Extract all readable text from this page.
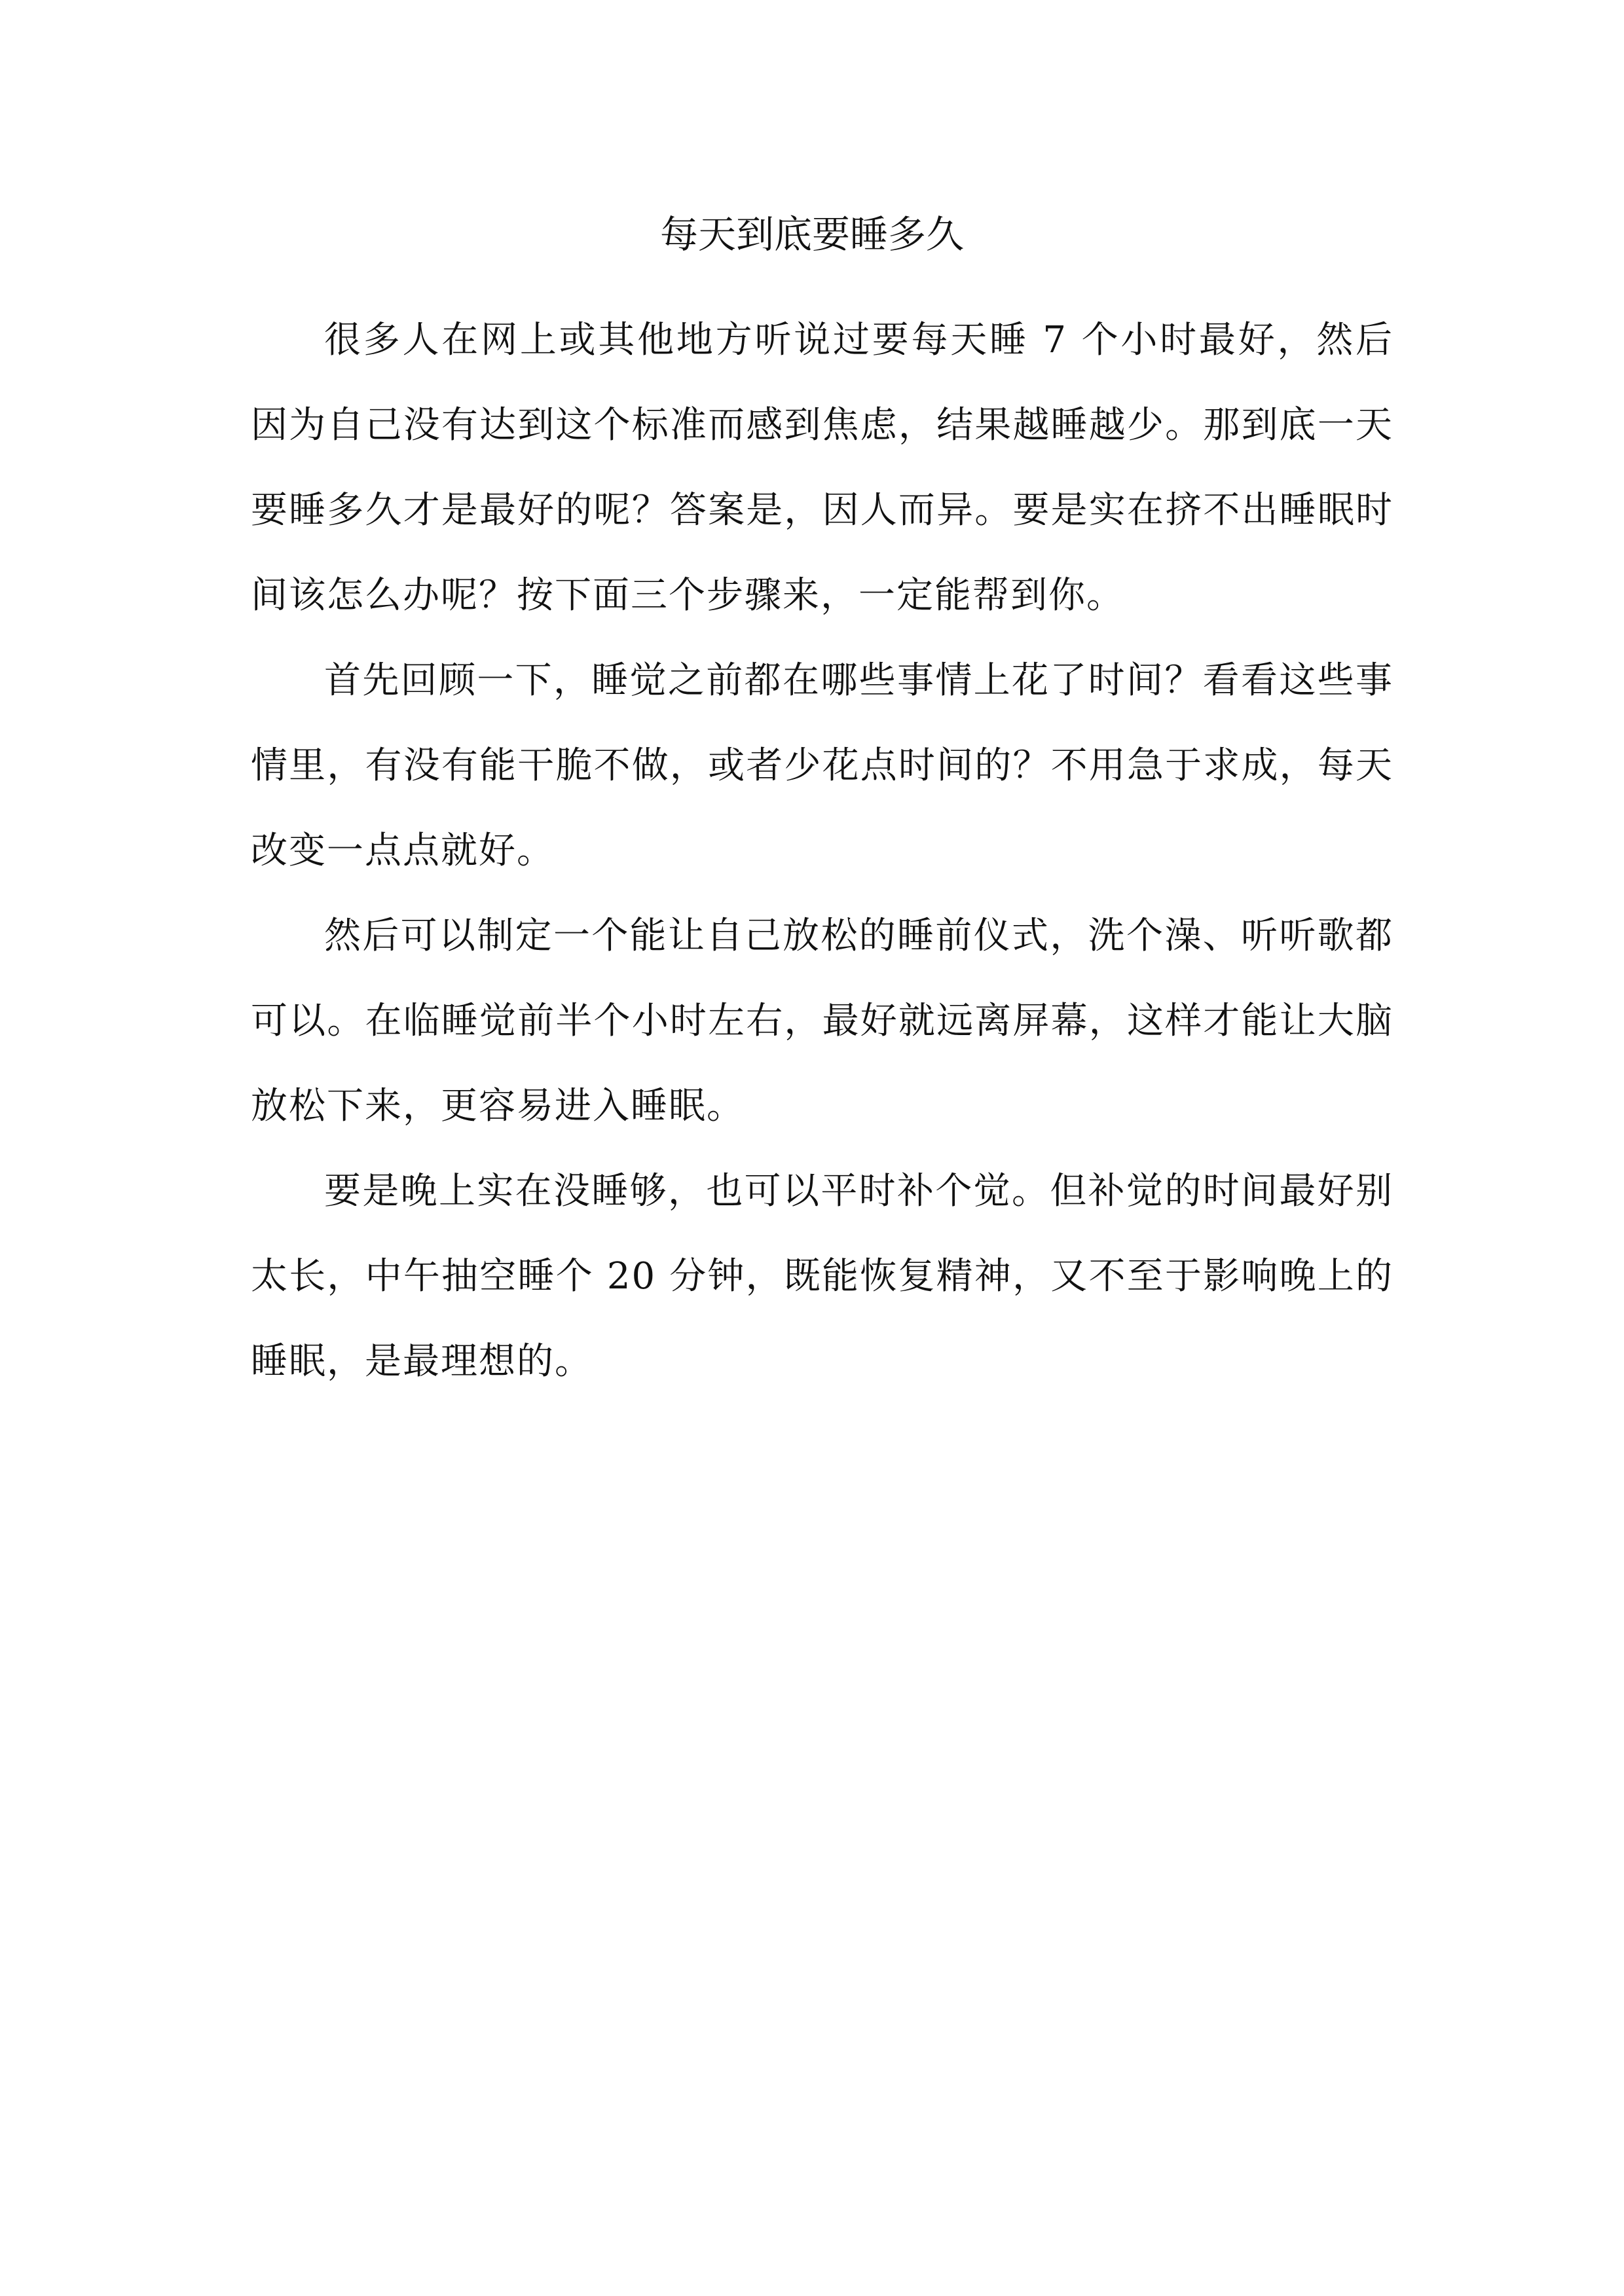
每天到底要睡多久

很多人在网上或其他地方听说过要每天睡 7 个小时最好，然后因为自己没有达到这个标准而感到焦虑，结果越睡越少。那到底一天要睡多久才是最好的呢？答案是，因人而异。要是实在挤不出睡眠时间该怎么办呢？按下面三个步骤来，一定能帮到你。

首先回顾一下，睡觉之前都在哪些事情上花了时间？看看这些事情里，有没有能干脆不做，或者少花点时间的？不用急于求成，每天改变一点点就好。

然后可以制定一个能让自己放松的睡前仪式，洗个澡、听听歌都可以。在临睡觉前半个小时左右，最好就远离屏幕，这样才能让大脑放松下来，更容易进入睡眠。

要是晚上实在没睡够，也可以平时补个觉。但补觉的时间最好别太长，中午抽空睡个 20 分钟，既能恢复精神，又不至于影响晚上的睡眠，是最理想的。
